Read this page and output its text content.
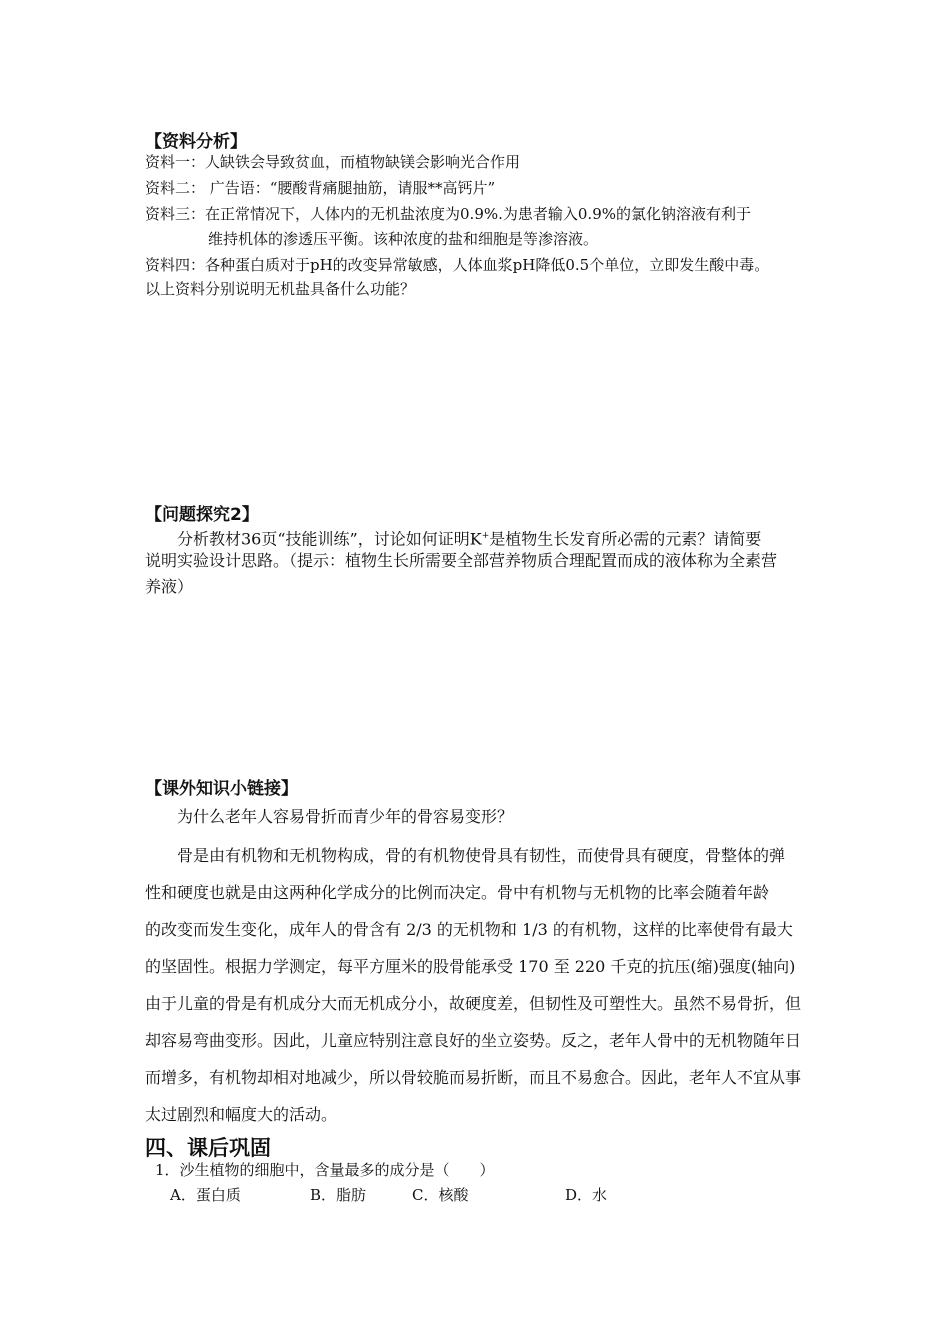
【资料分析】
资料一：人缺铁会导致贫血，而植物缺镁会影响光合作用
资料二： 广告语：“腰酸背痛腿抽筋，请服**高钙片”
资料三：在正常情况下，人体内的无机盐浓度为0.9%.为患者输入0.9%的氯化钠溶液有利于
维持机体的渗透压平衡。该种浓度的盐和细胞是等渗溶液。
资料四：各种蛋白质对于pH的改变异常敏感，人体血浆pH降低0.5个单位，立即发生酸中毒。
以上资料分别说明无机盐具备什么功能？
【问题探究2】
分析教材36页“技能训练”，讨论如何证明K+是植物生长发育所必需的元素？请简要
说明实验设计思路。（提示：植物生长所需要全部营养物质合理配置而成的液体称为全素营
养液）
【课外知识小链接】
为什么老年人容易骨折而青少年的骨容易变形？
骨是由有机物和无机物构成，骨的有机物使骨具有韧性，而使骨具有硬度，骨整体的弹
性和硬度也就是由这两种化学成分的比例而决定。骨中有机物与无机物的比率会随着年龄
的改变而发生变化，成年人的骨含有 2/3 的无机物和 1/3 的有机物，这样的比率使骨有最大
的坚固性。根据力学测定，每平方厘米的股骨能承受 170 至 220 千克的抗压(缩)强度(轴向)
由于儿童的骨是有机成分大而无机成分小，故硬度差，但韧性及可塑性大。虽然不易骨折，但
却容易弯曲变形。因此，儿童应特别注意良好的坐立姿势。反之，老年人骨中的无机物随年日
而增多，有机物却相对地减少，所以骨较脆而易折断，而且不易愈合。因此，老年人不宜从事
太过剧烈和幅度大的活动。
四、课后巩固
1．沙生植物的细胞中，含量最多的成分是（　　）
A．蛋白质	B．脂肪	C．核酸	D．水
